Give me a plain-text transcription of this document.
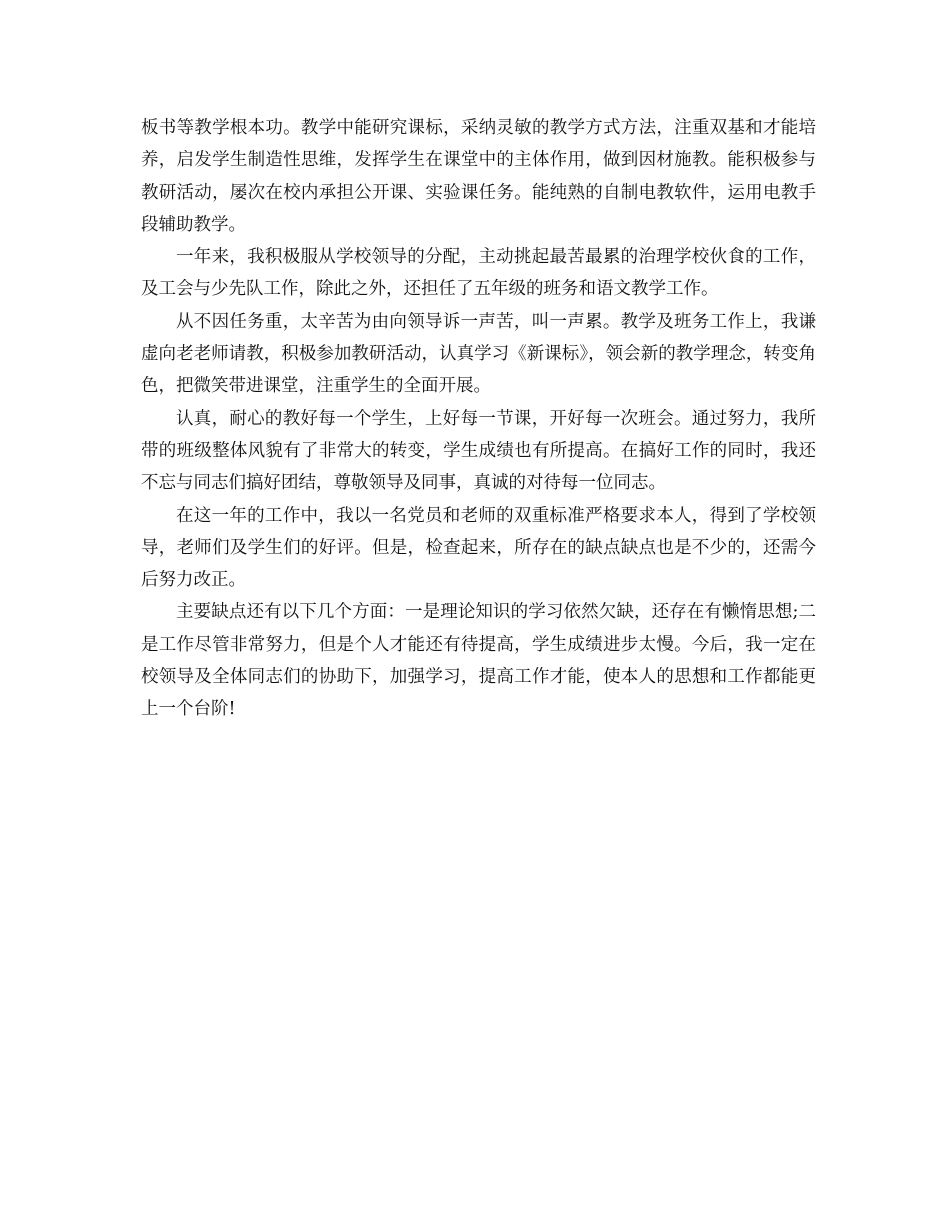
板书等教学根本功。教学中能研究课标，采纳灵敏的教学方式方法，注重双基和才能培养，启发学生制造性思维，发挥学生在课堂中的主体作用，做到因材施教。能积极参与教研活动，屡次在校内承担公开课、实验课任务。能纯熟的自制电教软件，运用电教手段辅助教学。

一年来，我积极服从学校领导的分配，主动挑起最苦最累的治理学校伙食的工作，及工会与少先队工作，除此之外，还担任了五年级的班务和语文教学工作。

从不因任务重，太辛苦为由向领导诉一声苦，叫一声累。教学及班务工作上，我谦虚向老老师请教，积极参加教研活动，认真学习《新课标》，领会新的教学理念，转变角色，把微笑带进课堂，注重学生的全面开展。

认真，耐心的教好每一个学生，上好每一节课，开好每一次班会。通过努力，我所带的班级整体风貌有了非常大的转变，学生成绩也有所提高。在搞好工作的同时，我还不忘与同志们搞好团结，尊敬领导及同事，真诚的对待每一位同志。

在这一年的工作中，我以一名党员和老师的双重标准严格要求本人，得到了学校领导，老师们及学生们的好评。但是，检查起来，所存在的缺点缺点也是不少的，还需今后努力改正。

主要缺点还有以下几个方面：一是理论知识的学习依然欠缺，还存在有懒惰思想;二是工作尽管非常努力，但是个人才能还有待提高，学生成绩进步太慢。今后，我一定在校领导及全体同志们的协助下，加强学习，提高工作才能，使本人的思想和工作都能更上一个台阶!
